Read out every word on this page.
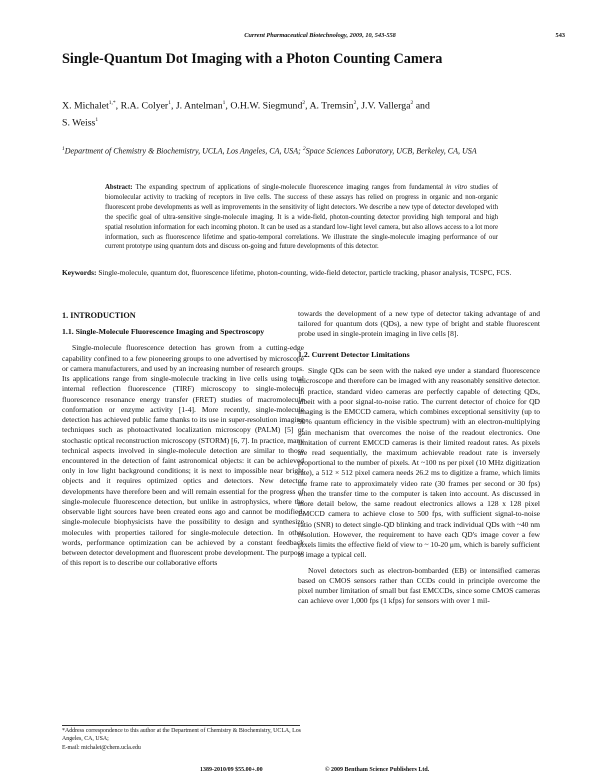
Current Pharmaceutical Biotechnology, 2009, 10, 543-558	543
Single-Quantum Dot Imaging with a Photon Counting Camera

X. Michalet$^{1,*}$, R.A. Colyer$^1$, J. Antelman$^1$, O.H.W. Siegmund$^2$, A. Tremsin$^2$, J.V. Vallerga$^2$ and
S. Weiss$^1$

$^1$Department of Chemistry & Biochemistry, UCLA, Los Angeles, CA, USA; $^2$Space Sciences Laboratory, UCB, Berkeley, CA, USA

Abstract: The expanding spectrum of applications of single-molecule fluorescence imaging ranges from fundamental in vitro studies of biomolecular activity to tracking of receptors in live cells. The success of these assays has relied on progress in organic and non-organic fluorescent probe developments as well as improvements in the sensitivity of light detectors. We describe a new type of detector developed with the specific goal of ultra-sensitive single-molecule imaging. It is a wide-field, photon-counting detector providing high temporal and high spatial resolution information for each incoming photon. It can be used as a standard low-light level camera, but also allows access to a lot more information, such as fluorescence lifetime and spatio-temporal correlations. We illustrate the single-molecule imaging performance of our current prototype using quantum dots and discuss on-going and future developments of this detector.

Keywords: Single-molecule, quantum dot, fluorescence lifetime, photon-counting, wide-field detector, particle tracking, phasor analysis, TCSPC, FCS.

1. INTRODUCTION
1.1. Single-Molecule Fluorescence Imaging and Spectroscopy

Single-molecule fluorescence detection has grown from a cutting-edge capability confined to a few pioneering groups to one advertised by microscope or camera manufacturers, and used by an increasing number of research groups. Its applications range from single-molecule tracking in live cells using total internal reflection fluorescence (TIRF) microscopy to single-molecule fluorescence resonance energy transfer (FRET) studies of macromolecule conformation or enzyme activity [1-4]. More recently, single-molecule detection has achieved public fame thanks to its use in super-resolution imaging techniques such as photoactivated localization microscopy (PALM) [5] or stochastic optical reconstruction microscopy (STORM) [6, 7]. In practice, many technical aspects involved in single-molecule detection are similar to those encountered in the detection of faint astronomical objects: it can be achieved only in low light background conditions; it is next to impossible near bright objects and it requires optimized optics and detectors. New detector developments have therefore been and will remain essential for the progress of single-molecule fluorescence detection, but unlike in astrophysics, where the observable light sources have been created eons ago and cannot be modified, single-molecule biophysicists have the possibility to design and synthesize molecules with properties tailored for single-molecule detection. In other words, performance optimization can be achieved by a constant feedback between detector development and fluorescent probe development. The purpose of this report is to describe our collaborative efforts

towards the development of a new type of detector taking advantage of and tailored for quantum dots (QDs), a new type of bright and stable fluorescent probe used in single-protein imaging in live cells [8].

1.2. Current Detector Limitations

Single QDs can be seen with the naked eye under a standard fluorescence microscope and therefore can be imaged with any reasonably sensitive detector. In practice, standard video cameras are perfectly capable of detecting QDs, albeit with a poor signal-to-noise ratio. The current detector of choice for QD imaging is the EMCCD camera, which combines exceptional sensitivity (up to 90% quantum efficiency in the visible spectrum) with an electron-multiplying gain mechanism that overcomes the noise of the readout electronics. One limitation of current EMCCD cameras is their limited readout rates. As pixels are read sequentially, the maximum achievable readout rate is inversely proportional to the number of pixels. At ~100 ns per pixel (10 MHz digitization rate), a 512 × 512 pixel camera needs 26.2 ms to digitize a frame, which limits the frame rate to approximately video rate (30 frames per second or 30 fps) when the transfer time to the computer is taken into account. As discussed in more detail below, the same readout electronics allows a 128 x 128 pixel EMCCD camera to achieve close to 500 fps, with sufficient signal-to-noise ratio (SNR) to detect single-QD blinking and track individual QDs with ~40 nm resolution. However, the requirement to have each QD's image cover a few pixels limits the effective field of view to ~ 10-20 μm, which is barely sufficient to image a typical cell.

Novel detectors such as electron-bombarded (EB) or intensified cameras based on CMOS sensors rather than CCDs could in principle overcome the pixel number limitation of small but fast EMCCDs, since some CMOS cameras can achieve over 1,000 fps (1 kfps) for sensors with over 1 mil-

*Address correspondence to this author at the Department of Chemistry & Biochemistry, UCLA, Los Angeles, CA, USA;
E-mail: michalet@chem.ucla.edu

1389-2010/09 $55.00+.00	© 2009 Bentham Science Publishers Ltd.
